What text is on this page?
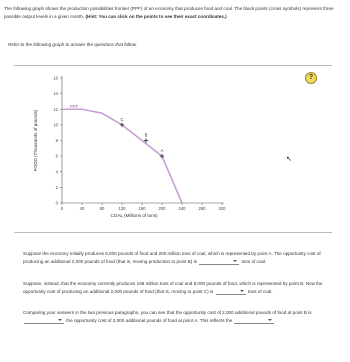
The following graph shows the production possibilities frontier (PPF) of an economy that produces food and coal. The black points (cross symbols) represent three possible output levels in a given month. (Hint: You can click on the points to see their exact coordinates.)
Refer to the following graph to answer the questions that follow.
?
0
2
4
6
8
10
12
14
16
0	40	80	120	160	200	240	280	320
PPF
C
B
A
COAL (Millions of tons)
FOOD (Thousands of pounds)	↖
Suppose the economy initially produces 6,000 pounds of food and 200 million tons of coal, which is represented by point A. The opportunity cost of producing an additional 2,000 pounds of food (that is, moving production to point B) is	tons of coal.
Suppose, instead, that the economy currently produces 168 million tons of coal and 8,000 pounds of food, which is represented by point B. Now the opportunity cost of producing an additional 2,000 pounds of food (that is, moving to point C) is	tons of coal.
Comparing your answers in the two previous paragraphs, you can see that the opportunity cost of 2,000 additional pounds of food at point B is  the opportunity cost of 2,000 additional pounds of food at point A. This reflects the
